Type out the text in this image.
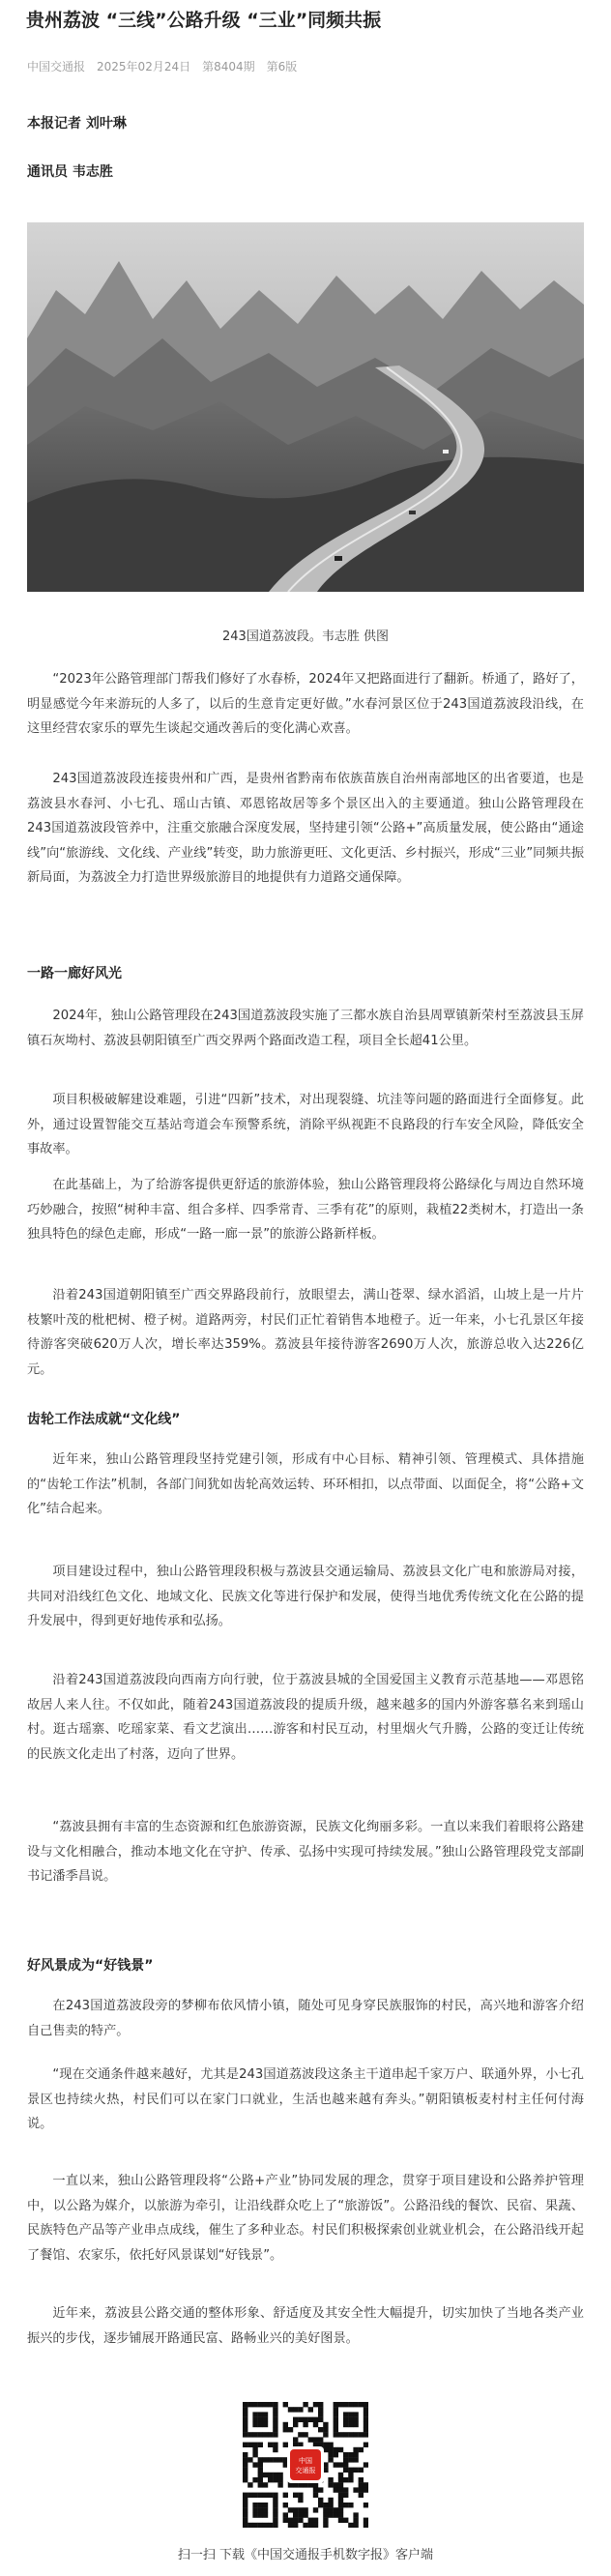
贵州荔波 “三线”公路升级 “三业”同频共振
中国交通报 2025年02月24日 第8404期 第6版
本报记者 刘叶琳
通讯员 韦志胜
243国道荔波段。韦志胜 供图

“2023年公路管理部门帮我们修好了水春桥，2024年又把路面进行了翻新。桥通了，路好了，明显感觉今年来游玩的人多了，以后的生意肯定更好做。”水春河景区位于243国道荔波段沿线，在这里经营农家乐的覃先生谈起交通改善后的变化满心欢喜。

243国道荔波段连接贵州和广西，是贵州省黔南布依族苗族自治州南部地区的出省要道，也是荔波县水春河、小七孔、瑶山古镇、邓恩铭故居等多个景区出入的主要通道。独山公路管理段在243国道荔波段管养中，注重交旅融合深度发展，坚持建引领“公路+”高质量发展，使公路由“通途线”向“旅游线、文化线、产业线”转变，助力旅游更旺、文化更活、乡村振兴，形成“三业”同频共振新局面，为荔波全力打造世界级旅游目的地提供有力道路交通保障。

一路一廊好风光

2024年，独山公路管理段在243国道荔波段实施了三都水族自治县周覃镇新荣村至荔波县玉屏镇石灰坳村、荔波县朝阳镇至广西交界两个路面改造工程，项目全长超41公里。

项目积极破解建设难题，引进“四新”技术，对出现裂缝、坑洼等问题的路面进行全面修复。此外，通过设置智能交互基站弯道会车预警系统，消除平纵视距不良路段的行车安全风险，降低安全事故率。

在此基础上，为了给游客提供更舒适的旅游体验，独山公路管理段将公路绿化与周边自然环境巧妙融合，按照“树种丰富、组合多样、四季常青、三季有花”的原则，栽植22类树木，打造出一条独具特色的绿色走廊，形成“一路一廊一景”的旅游公路新样板。

沿着243国道朝阳镇至广西交界路段前行，放眼望去，满山苍翠、绿水滔滔，山坡上是一片片枝繁叶茂的枇杷树、橙子树。道路两旁，村民们正忙着销售本地橙子。近一年来，小七孔景区年接待游客突破620万人次，增长率达359%。荔波县年接待游客2690万人次，旅游总收入达226亿元。

齿轮工作法成就“文化线”

近年来，独山公路管理段坚持党建引领，形成有中心目标、精神引领、管理模式、具体措施的“齿轮工作法”机制，各部门间犹如齿轮高效运转、环环相扣，以点带面、以面促全，将“公路+文化”结合起来。

项目建设过程中，独山公路管理段积极与荔波县交通运输局、荔波县文化广电和旅游局对接，共同对沿线红色文化、地域文化、民族文化等进行保护和发展，使得当地优秀传统文化在公路的提升发展中，得到更好地传承和弘扬。

沿着243国道荔波段向西南方向行驶，位于荔波县城的全国爱国主义教育示范基地——邓恩铭故居人来人往。不仅如此，随着243国道荔波段的提质升级，越来越多的国内外游客慕名来到瑶山村。逛古瑶寨、吃瑶家菜、看文艺演出……游客和村民互动，村里烟火气升腾，公路的变迁让传统的民族文化走出了村落，迈向了世界。

“荔波县拥有丰富的生态资源和红色旅游资源，民族文化绚丽多彩。一直以来我们着眼将公路建设与文化相融合，推动本地文化在守护、传承、弘扬中实现可持续发展。”独山公路管理段党支部副书记潘季昌说。

好风景成为“好钱景”

在243国道荔波段旁的梦柳布依风情小镇，随处可见身穿民族服饰的村民，高兴地和游客介绍自己售卖的特产。

“现在交通条件越来越好，尤其是243国道荔波段这条主干道串起千家万户、联通外界，小七孔景区也持续火热，村民们可以在家门口就业，生活也越来越有奔头。”朝阳镇板麦村村主任何付海说。

一直以来，独山公路管理段将“公路+产业”协同发展的理念，贯穿于项目建设和公路养护管理中，以公路为媒介，以旅游为牵引，让沿线群众吃上了“旅游饭”。公路沿线的餐饮、民宿、果蔬、民族特色产品等产业串点成线，催生了多种业态。村民们积极探索创业就业机会，在公路沿线开起了餐馆、农家乐，依托好风景谋划“好钱景”。

近年来，荔波县公路交通的整体形象、舒适度及其安全性大幅提升，切实加快了当地各类产业振兴的步伐，逐步铺展开路通民富、路畅业兴的美好图景。

中国
交通报
扫一扫 下载《中国交通报手机数字报》客户端
